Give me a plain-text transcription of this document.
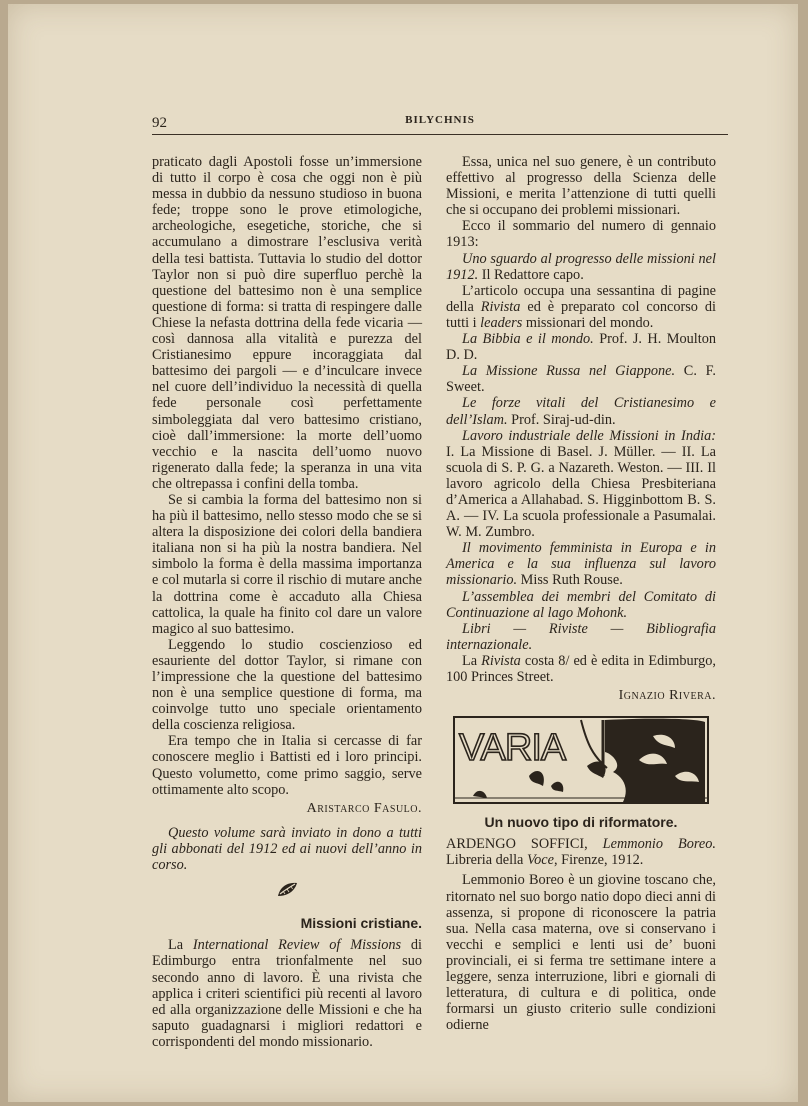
92	BILYCHNIS

praticato dagli Apostoli fosse un’immersione di tutto il corpo è cosa che oggi non è più messa in dubbio da nessuno studioso in buona fede; troppe sono le prove etimologiche, archeologiche, esegetiche, storiche, che si accumulano a dimostrare l’esclusiva verità della tesi battista. Tuttavia lo studio del dottor Taylor non si può dire superfluo perchè la questione del battesimo non è una semplice questione di forma: si tratta di respingere dalle Chiese la nefasta dottrina della fede vicaria — così dannosa alla vitalità e purezza del Cristianesimo eppure incoraggiata dal battesimo dei pargoli — e d’inculcare invece nel cuore dell’individuo la necessità di quella fede personale così perfettamente simboleggiata dal vero battesimo cristiano, cioè dall’immersione: la morte dell’uomo vecchio e la nascita dell’uomo nuovo rigenerato dalla fede; la speranza in una vita che oltrepassa i confini della tomba.

Se si cambia la forma del battesimo non si ha più il battesimo, nello stesso modo che se si altera la disposizione dei colori della bandiera italiana non si ha più la nostra bandiera. Nel simbolo la forma è della massima importanza e col mutarla si corre il rischio di mutare anche la dottrina come è accaduto alla Chiesa cattolica, la quale ha finito col dare un valore magico al suo battesimo.

Leggendo lo studio coscienzioso ed esauriente del dottor Taylor, si rimane con l’impressione che la questione del battesimo non è una semplice questione di forma, ma coinvolge tutto uno speciale orientamento della coscienza religiosa.

Era tempo che in Italia si cercasse di far conoscere meglio i Battisti ed i loro principi. Questo volumetto, come primo saggio, serve ottimamente alto scopo.

Aristarco Fasulo.

Questo volume sarà inviato in dono a tutti gli abbonati del 1912 ed ai nuovi dell’anno in corso.

Missioni cristiane.

La International Review of Missions di Edimburgo entra trionfalmente nel suo secondo anno di lavoro. È una rivista che applica i criteri scientifici più recenti al lavoro ed alla organizzazione delle Missioni e che ha saputo guadagnarsi i migliori redattori e corrispondenti del mondo missionario.

Essa, unica nel suo genere, è un contributo effettivo al progresso della Scienza delle Missioni, e merita l’attenzione di tutti quelli che si occupano dei problemi missionari.

Ecco il sommario del numero di gennaio 1913:

Uno sguardo al progresso delle missioni nel 1912. Il Redattore capo.

L’articolo occupa una sessantina di pagine della Rivista ed è preparato col concorso di tutti i leaders missionari del mondo.

La Bibbia e il mondo. Prof. J. H. Moulton D. D.

La Missione Russa nel Giappone. C. F. Sweet.

Le forze vitali del Cristianesimo e dell’Islam. Prof. Siraj-ud-din.

Lavoro industriale delle Missioni in India: I. La Missione di Basel. J. Müller. — II. La scuola di S. P. G. a Nazareth. Weston. — III. Il lavoro agricolo della Chiesa Presbiteriana d’America a Allahabad. S. Higginbottom B. S. A. — IV. La scuola professionale a Pasumalai. W. M. Zumbro.

Il movimento femminista in Europa e in America e la sua influenza sul lavoro missionario. Miss Ruth Rouse.

L’assemblea dei membri del Comitato di Continuazione al lago Mohonk.

Libri — Riviste — Bibliografia internazionale.

La Rivista costa 8/ ed è edita in Edimburgo, 100 Princes Street.

Ignazio Rivera.
VARIA
Un nuovo tipo di riformatore.

ARDENGO SOFFICI, Lemmonio Boreo. Libreria della Voce, Firenze, 1912.

Lemmonio Boreo è un giovine toscano che, ritornato nel suo borgo natio dopo dieci anni di assenza, si propone di riconoscere la patria sua. Nella casa materna, ove si conservano i vecchi e semplici e lenti usi de’ buoni provinciali, ei si ferma tre settimane intere a leggere, senza interruzione, libri e giornali di letteratura, di cultura e di politica, onde formarsi un giusto criterio sulle condizioni odierne
